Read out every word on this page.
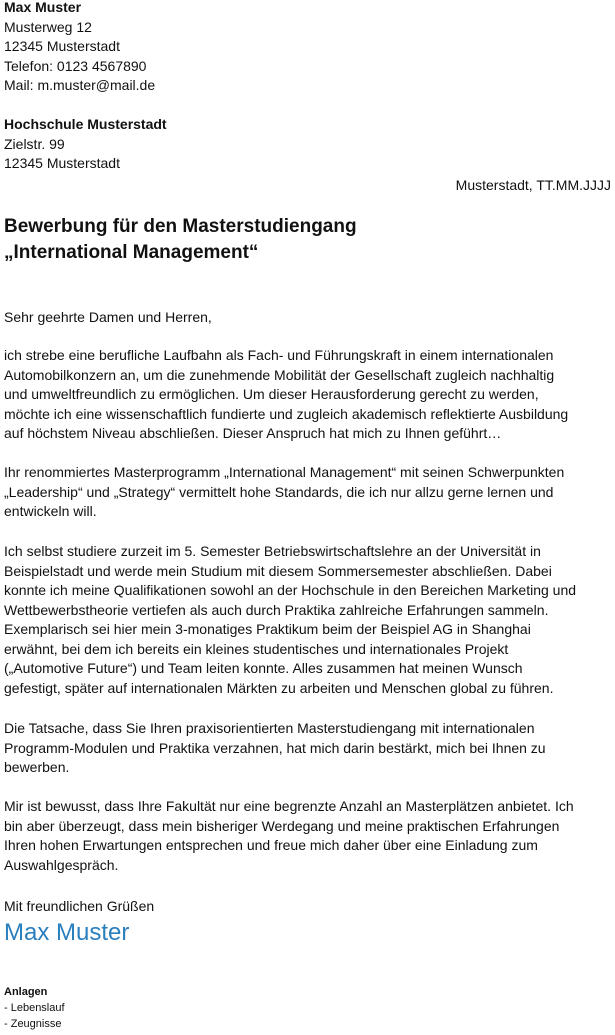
Max Muster
Musterweg 12
12345 Musterstadt
Telefon: 0123 4567890
Mail: m.muster@mail.de
Hochschule Musterstadt
Zielstr. 99
12345 Musterstadt
Musterstadt, TT.MM.JJJJ
Bewerbung für den Masterstudiengang
„International Management“
Sehr geehrte Damen und Herren,

ich strebe eine berufliche Laufbahn als Fach- und Führungskraft in einem internationalen

Automobilkonzern an, um die zunehmende Mobilität der Gesellschaft zugleich nachhaltig

und umweltfreundlich zu ermöglichen. Um dieser Herausforderung gerecht zu werden,

möchte ich eine wissenschaftlich fundierte und zugleich akademisch reflektierte Ausbildung

auf höchstem Niveau abschließen. Dieser Anspruch hat mich zu Ihnen geführt…

Ihr renommiertes Masterprogramm „International Management“ mit seinen Schwerpunkten

„Leadership“ und „Strategy“ vermittelt hohe Standards, die ich nur allzu gerne lernen und

entwickeln will.

Ich selbst studiere zurzeit im 5. Semester Betriebswirtschaftslehre an der Universität in

Beispielstadt und werde mein Studium mit diesem Sommersemester abschließen. Dabei

konnte ich meine Qualifikationen sowohl an der Hochschule in den Bereichen Marketing und

Wettbewerbstheorie vertiefen als auch durch Praktika zahlreiche Erfahrungen sammeln.

Exemplarisch sei hier mein 3-monatiges Praktikum beim der Beispiel AG in Shanghai

erwähnt, bei dem ich bereits ein kleines studentisches und internationales Projekt

(„Automotive Future“) und Team leiten konnte. Alles zusammen hat meinen Wunsch

gefestigt, später auf internationalen Märkten zu arbeiten und Menschen global zu führen.

Die Tatsache, dass Sie Ihren praxisorientierten Masterstudiengang mit internationalen

Programm-Modulen und Praktika verzahnen, hat mich darin bestärkt, mich bei Ihnen zu

bewerben.

Mir ist bewusst, dass Ihre Fakultät nur eine begrenzte Anzahl an Masterplätzen anbietet. Ich

bin aber überzeugt, dass mein bisheriger Werdegang und meine praktischen Erfahrungen

Ihren hohen Erwartungen entsprechen und freue mich daher über eine Einladung zum

Auswahlgespräch.

Mit freundlichen Grüßen
Max Muster
Anlagen
- Lebenslauf
- Zeugnisse
